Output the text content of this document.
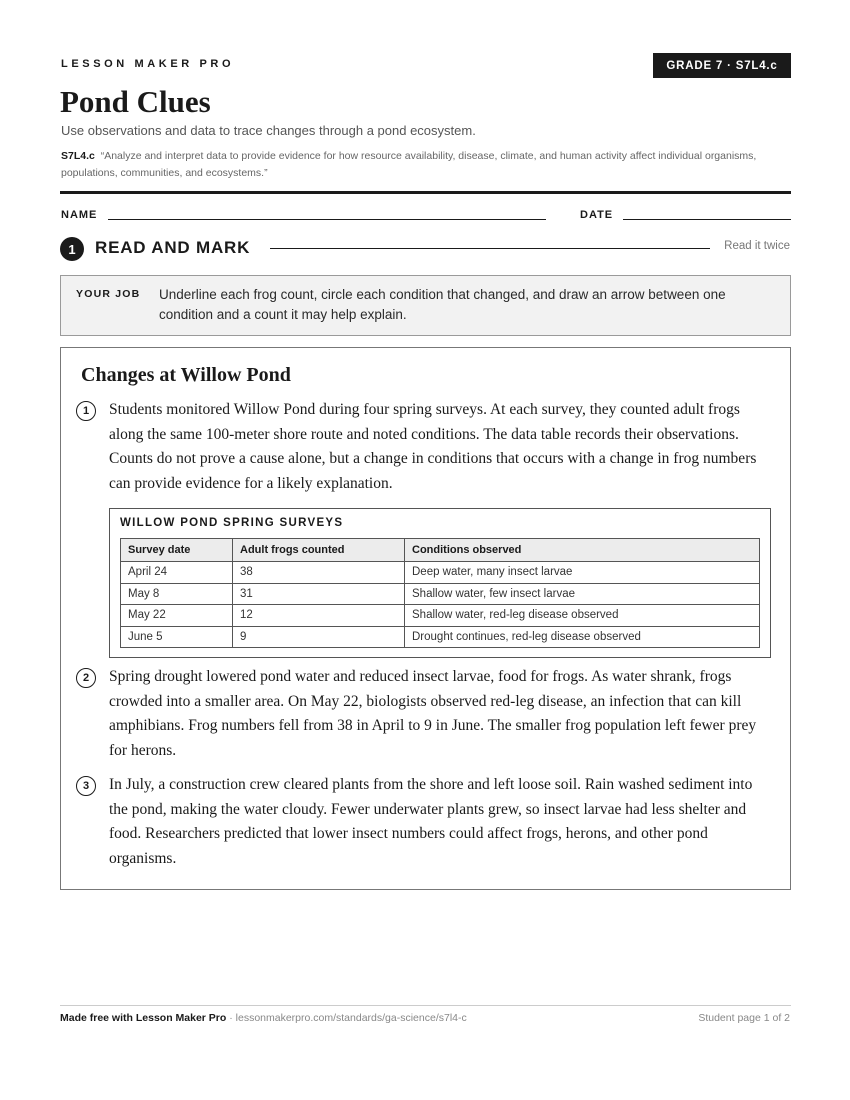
LESSON MAKER PRO	GRADE 7 · S7L4.c
Pond Clues
Use observations and data to trace changes through a pond ecosystem.
S7L4.c “Analyze and interpret data to provide evidence for how resource availability, disease, climate, and human activity affect individual organisms, populations, communities, and ecosystems.”
NAME	DATE
1	READ AND MARK	Read it twice
YOUR JOB Underline each frog count, circle each condition that changed, and draw an arrow between one condition and a count it may help explain.
Changes at Willow Pond
1	Students monitored Willow Pond during four spring surveys. At each survey, they counted adult frogs along the same 100-meter shore route and noted conditions. The data table records their observations. Counts do not prove a cause alone, but a change in conditions that occurs with a change in frog numbers can provide evidence for a likely explanation.

WILLOW POND SPRING SURVEYS
Survey date	Adult frogs counted	Conditions observed
April 24	38	Deep water, many insect larvae
May 8	31	Shallow water, few insect larvae
May 22	12	Shallow water, red-leg disease observed
June 5	9	Drought continues, red-leg disease observed
2	Spring drought lowered pond water and reduced insect larvae, food for frogs. As water shrank, frogs crowded into a smaller area. On May 22, biologists observed red-leg disease, an infection that can kill amphibians. Frog numbers fell from 38 in April to 9 in June. The smaller frog population left fewer prey for herons.

3	In July, a construction crew cleared plants from the shore and left loose soil. Rain washed sediment into the pond, making the water cloudy. Fewer underwater plants grew, so insect larvae had less shelter and food. Researchers predicted that lower insect numbers could affect frogs, herons, and other pond organisms.

Made free with Lesson Maker Pro · lessonmakerpro.com/standards/ga-science/s7l4-c	Student page 1 of 2
